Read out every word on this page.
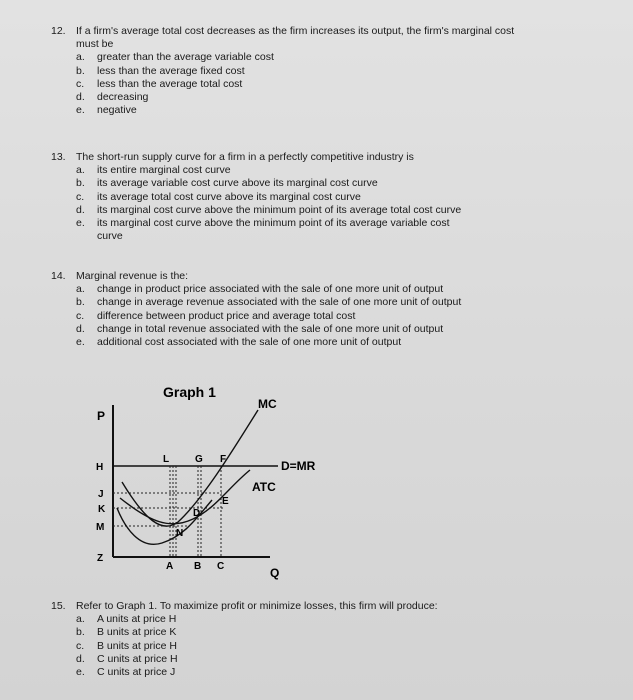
12. If a firm's average total cost decreases as the firm increases its output, the firm's marginal cost
must be
a.	greater than the average variable cost
b.	less than the average fixed cost
c.	less than the average total cost
d.	decreasing
e.	negative
13. The short-run supply curve for a firm in a perfectly competitive industry is
a.	its entire marginal cost curve
b.	its average variable cost curve above its marginal cost curve
c.	its average total cost curve above its marginal cost curve
d.	its marginal cost curve above the minimum point of its average total cost curve
e.	its marginal cost curve above the minimum point of its average variable cost
curve
14. Marginal revenue is the:
a.	change in product price associated with the sale of one more unit of output
b.	change in average revenue associated with the sale of one more unit of output
c.	difference between product price and average total cost
d.	change in total revenue associated with the sale of one more unit of output
e.	additional cost associated with the sale of one more unit of output
Graph 1
P
Q
H
J
K
M
Z
A B C
MC
D=MR
ATC
L	G F
E
D
N
15. Refer to Graph 1. To maximize profit or minimize losses, this firm will produce:
a.	A units at price H
b.	B units at price K
c.	B units at price H
d.	C units at price H
e.	C units at price J
